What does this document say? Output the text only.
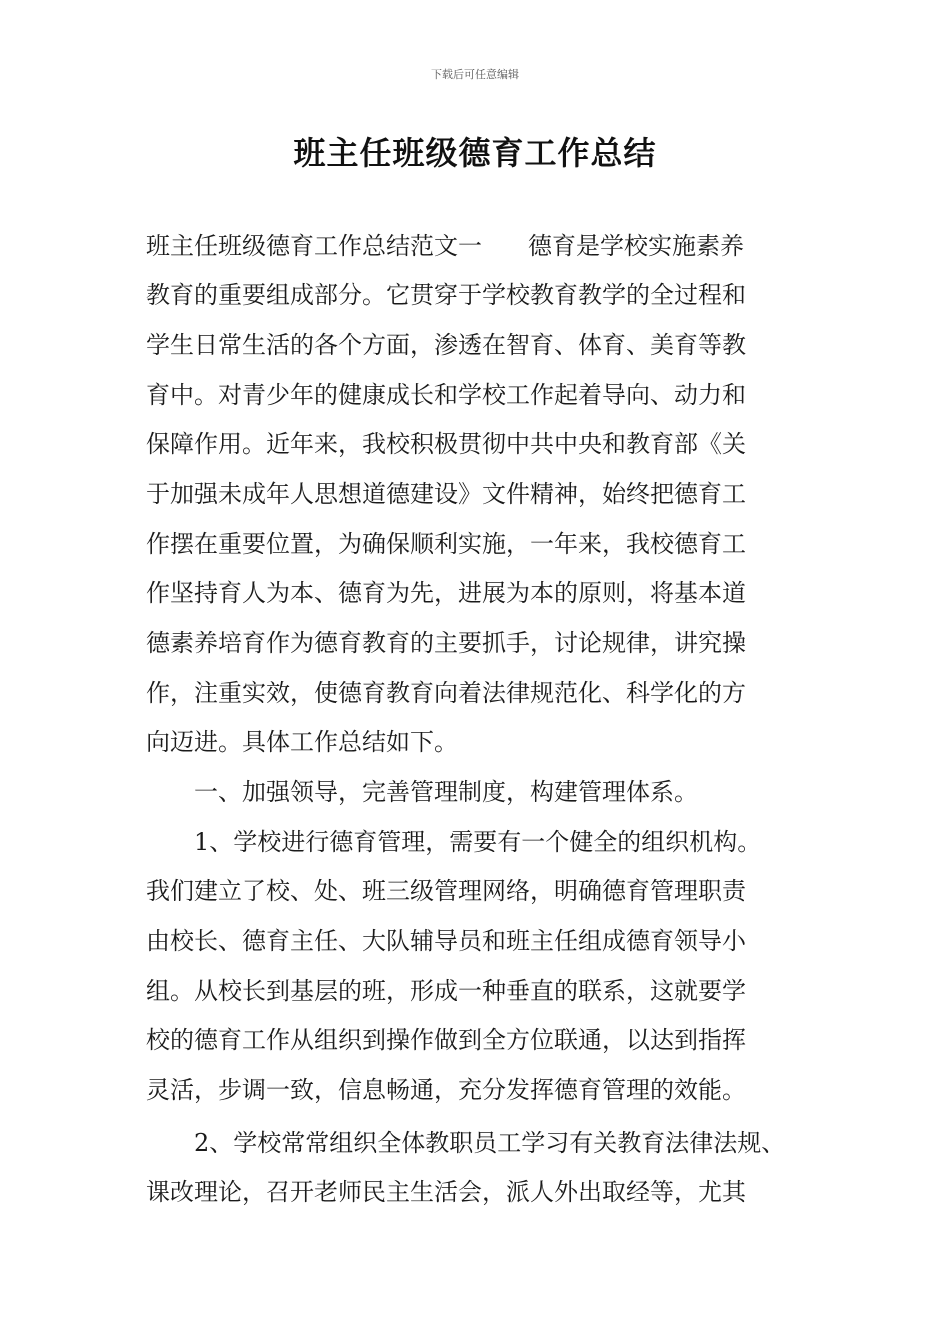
下载后可任意编辑
班主任班级德育工作总结
班主任班级德育工作总结范文一 德育是学校实施素养
教育的重要组成部分。它贯穿于学校教育教学的全过程和
学生日常生活的各个方面，渗透在智育、体育、美育等教
育中。对青少年的健康成长和学校工作起着导向、动力和
保障作用。近年来，我校积极贯彻中共中央和教育部《关
于加强未成年人思想道德建设》文件精神，始终把德育工
作摆在重要位置，为确保顺利实施，一年来，我校德育工
作坚持育人为本、德育为先，进展为本的原则，将基本道
德素养培育作为德育教育的主要抓手，讨论规律，讲究操
作，注重实效，使德育教育向着法律规范化、科学化的方
向迈进。具体工作总结如下。
　　一、加强领导，完善管理制度，构建管理体系。
　　1、学校进行德育管理，需要有一个健全的组织机构。
我们建立了校、处、班三级管理网络，明确德育管理职责
由校长、德育主任、大队辅导员和班主任组成德育领导小
组。从校长到基层的班，形成一种垂直的联系，这就要学
校的德育工作从组织到操作做到全方位联通，以达到指挥
灵活，步调一致，信息畅通，充分发挥德育管理的效能。
　　2、学校常常组织全体教职员工学习有关教育法律法规、
课改理论，召开老师民主生活会，派人外出取经等，尤其
